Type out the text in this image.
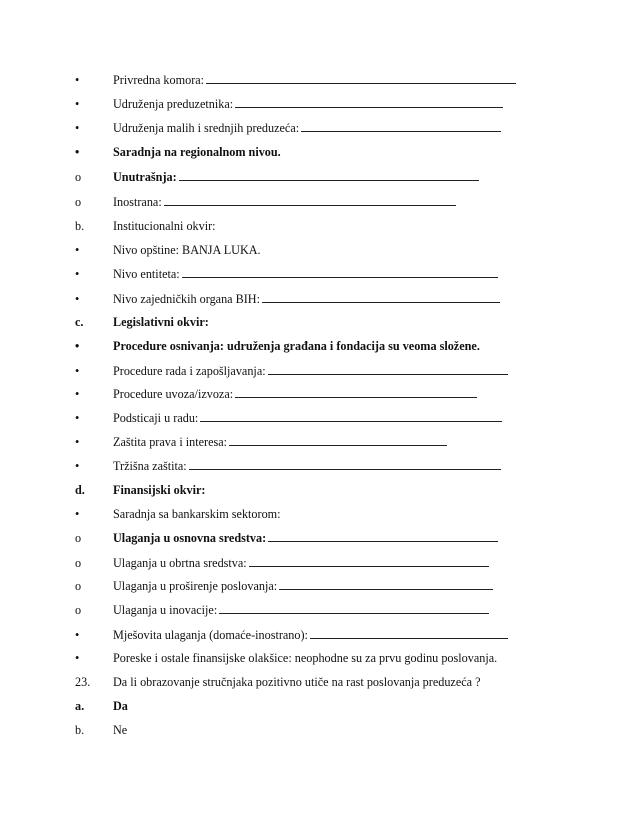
•	Privredna komora:
•	Udruženja preduzetnika:
•	Udruženja malih i srednjih preduzeća:
•	Saradnja na regionalnom nivou.
o	Unutrašnja:
o	Inostrana:
b. Institucionalni okvir:
•	Nivo opštine: BANJA LUKA.
•	Nivo entiteta:
•	Nivo zajedničkih organa BIH:
c. Legislativni okvir:
•	Procedure osnivanja: udruženja građana i fondacija su veoma složene.
•	Procedure rada i zapošljavanja:
•	Procedure uvoza/izvoza:
•	Podsticaji u radu:
•	Zaštita prava i interesa:
•	Tržišna zaštita:
d. Finansijski okvir:
•	Saradnja sa bankarskim sektorom:
o	Ulaganja u osnovna sredstva:
o	Ulaganja u obrtna sredstva:
o	Ulaganja u proširenje poslovanja:
o	Ulaganja u inovacije:
•	Mješovita ulaganja (domaće-inostrano):
•	Poreske i ostale finansijske olakšice: neophodne su za prvu godinu poslovanja.
23. Da li obrazovanje stručnjaka pozitivno utiče na rast poslovanja preduzeća ?
a. Da
b. Ne
